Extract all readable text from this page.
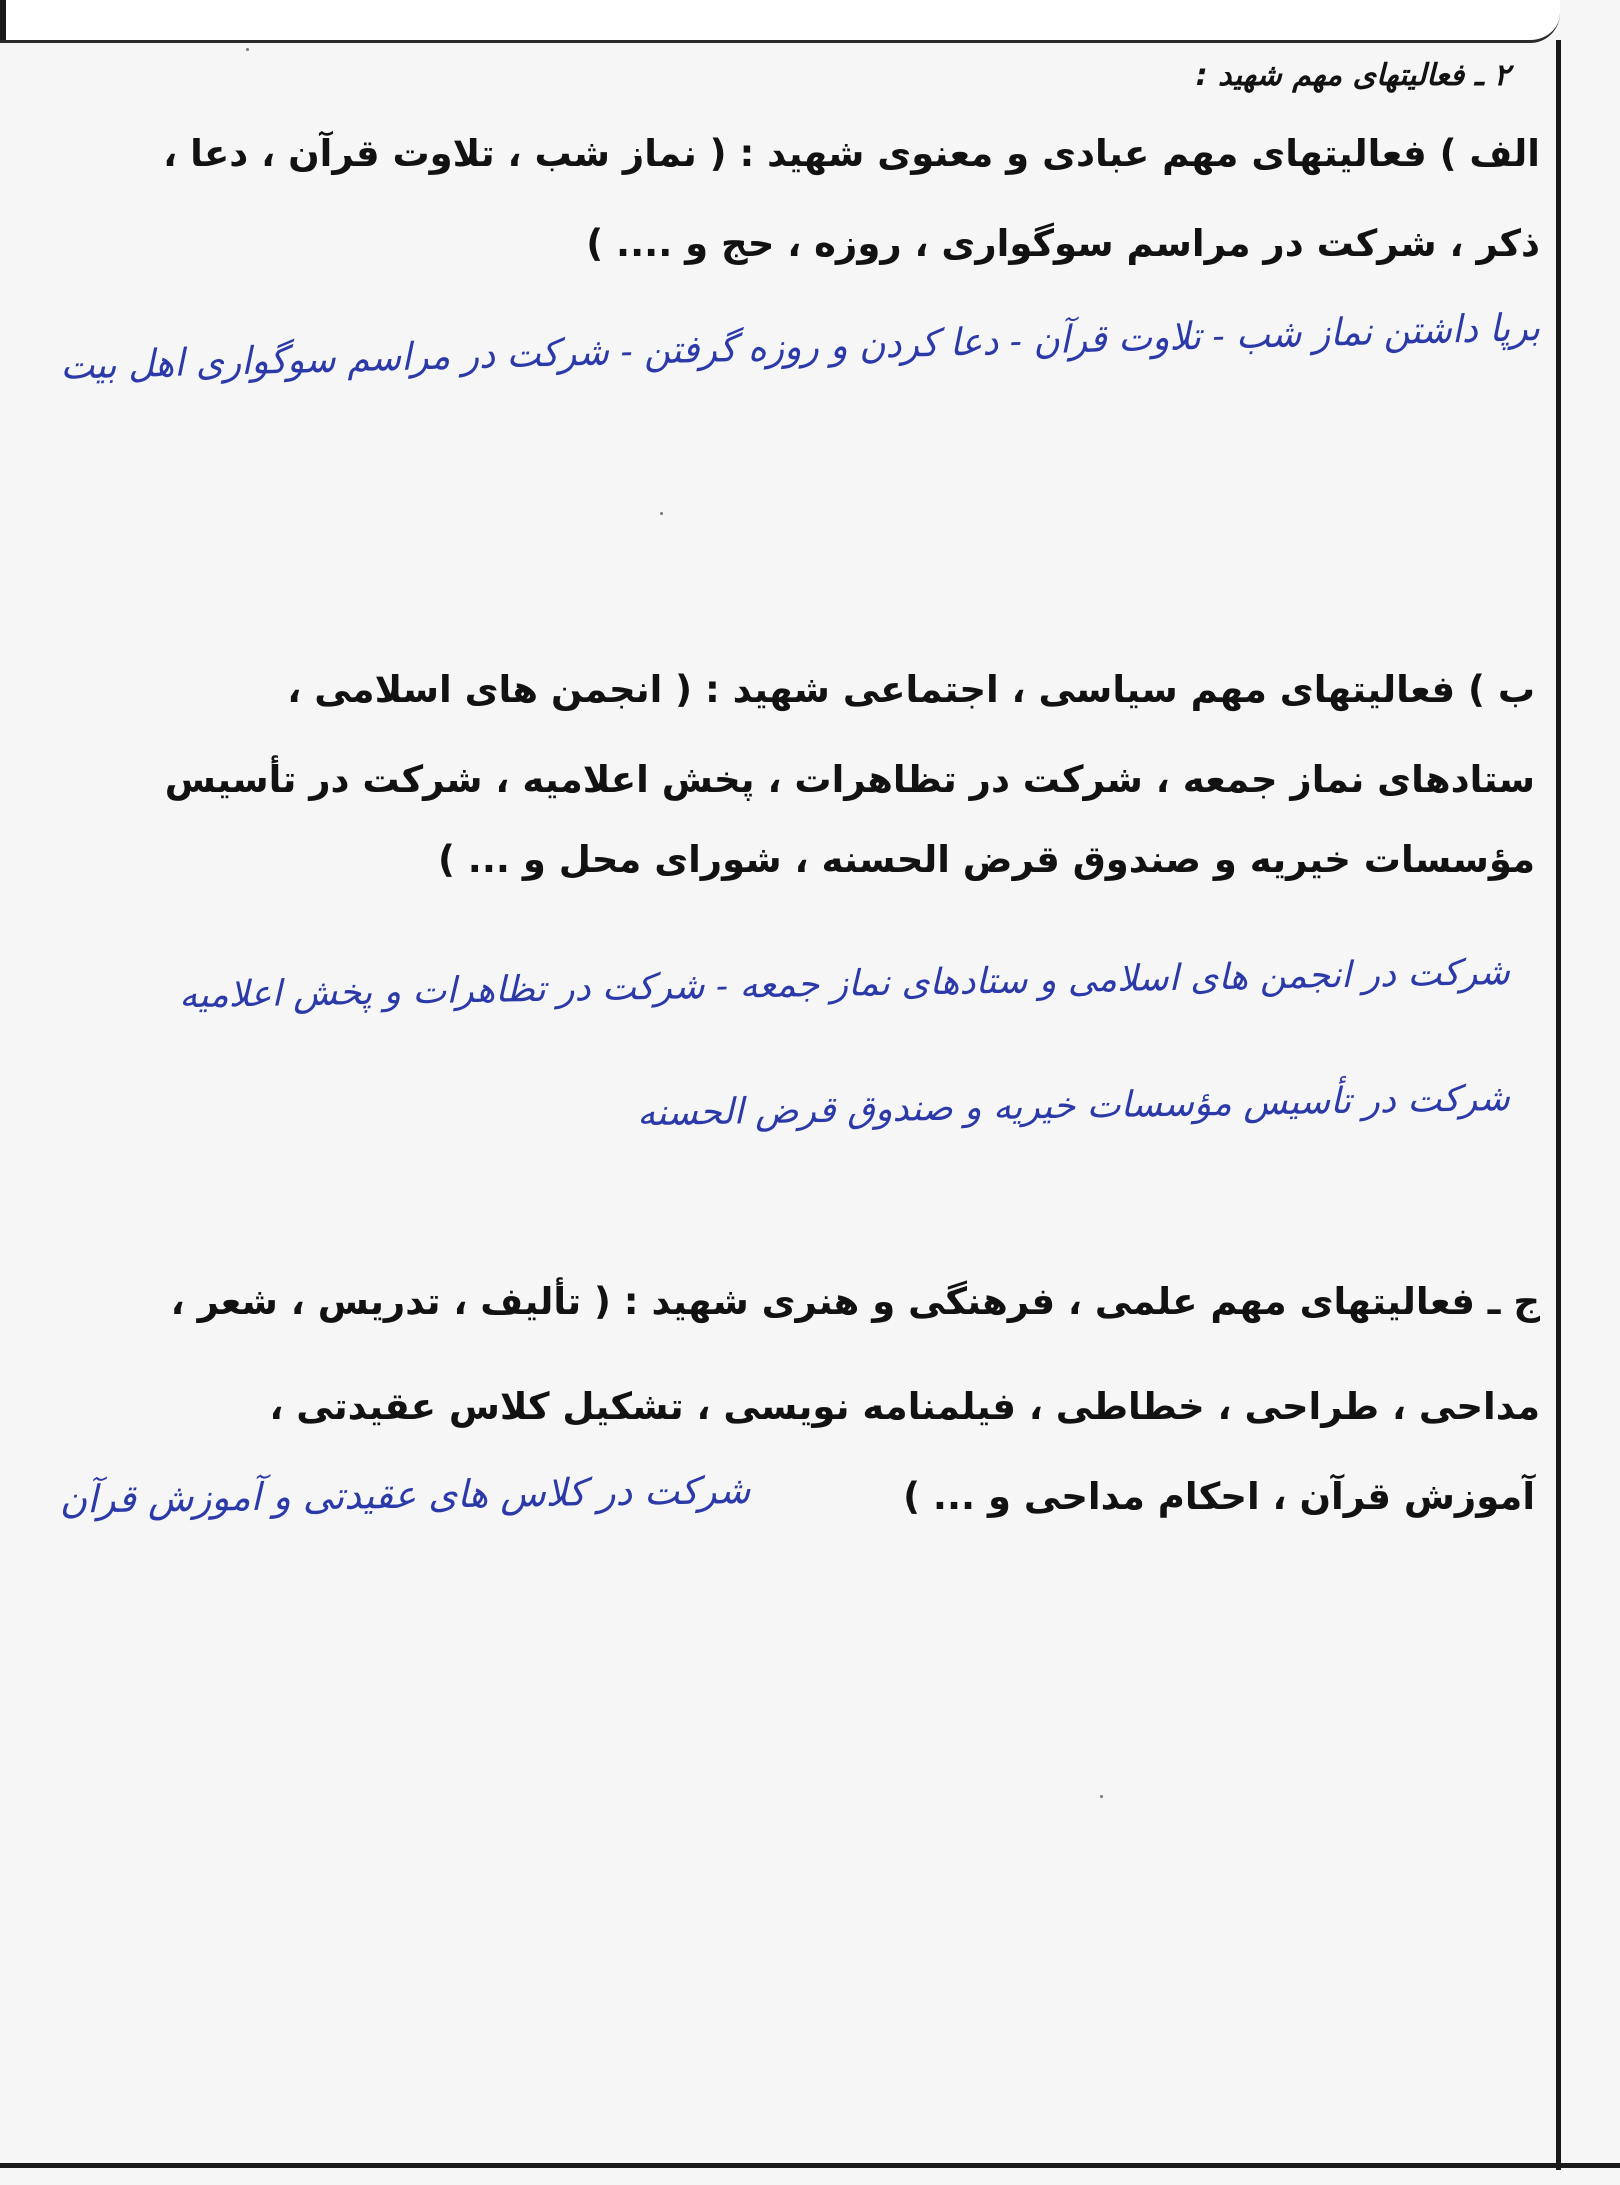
۲ ـ فعالیتهای مهم شهید :
الف ) فعالیتهای مهم عبادی و معنوی شهید : ( نماز شب ، تلاوت قرآن ، دعا ،
ذکر ، شرکت در مراسم سوگواری ، روزه ، حج و .... )
برپا داشتن نماز شب - تلاوت قرآن - دعا کردن و روزه گرفتن - شرکت در مراسم سوگواری اهل بیت
ب ) فعالیتهای مهم سیاسی ، اجتماعی شهید : ( انجمن های اسلامی ،
ستادهای نماز جمعه ، شرکت در تظاهرات ، پخش اعلامیه ، شرکت در تأسیس
مؤسسات خیریه و صندوق قرض الحسنه ، شورای محل و ... )
شرکت در انجمن های اسلامی و ستادهای نماز جمعه - شرکت در تظاهرات و پخش اعلامیه
شرکت در تأسیس مؤسسات خیریه و صندوق قرض الحسنه
ج ـ فعالیتهای مهم علمی ، فرهنگی و هنری شهید : ( تألیف ، تدریس ، شعر ،
مداحی ، طراحی ، خطاطی ، فیلمنامه نویسی ، تشکیل کلاس عقیدتی ،
آموزش قرآن ، احکام مداحی و ... )
شرکت در کلاس های عقیدتی و آموزش قرآن
